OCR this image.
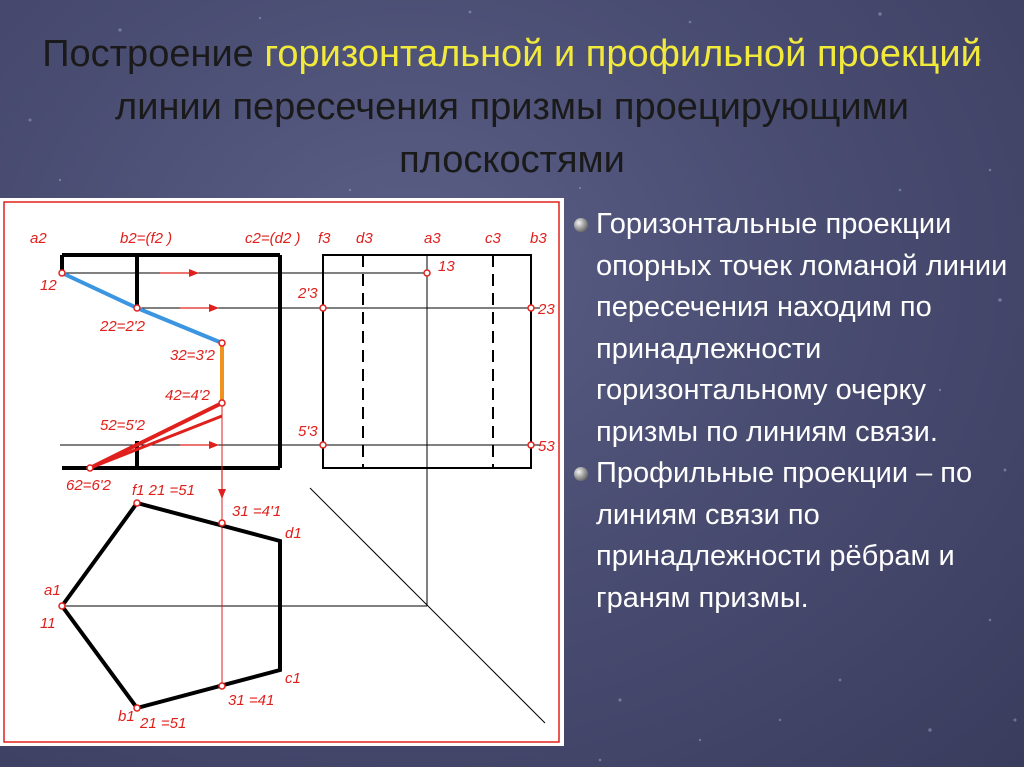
Построение горизонтальной и профильной проекций линии пересечения призмы проецирующими плоскостями
a2	b2=(f2 )	c2=(d2 )
12
22=2'2
32=3'2
42=4'2
52=5'2
62=6'2
f3 d3	a3	c3 b3
13
2'3
23
5'3
53
f1 21 =51
31 =4'1
d1
a1
11
c1
31 =41
b1 21 =51

Горизонтальные проекции опорных точек ломаной линии пересечения находим по принадлежности горизонтальному очерку призмы по линиям связи.

Профильные проекции – по линиям связи по принадлежности рёбрам и граням призмы.
